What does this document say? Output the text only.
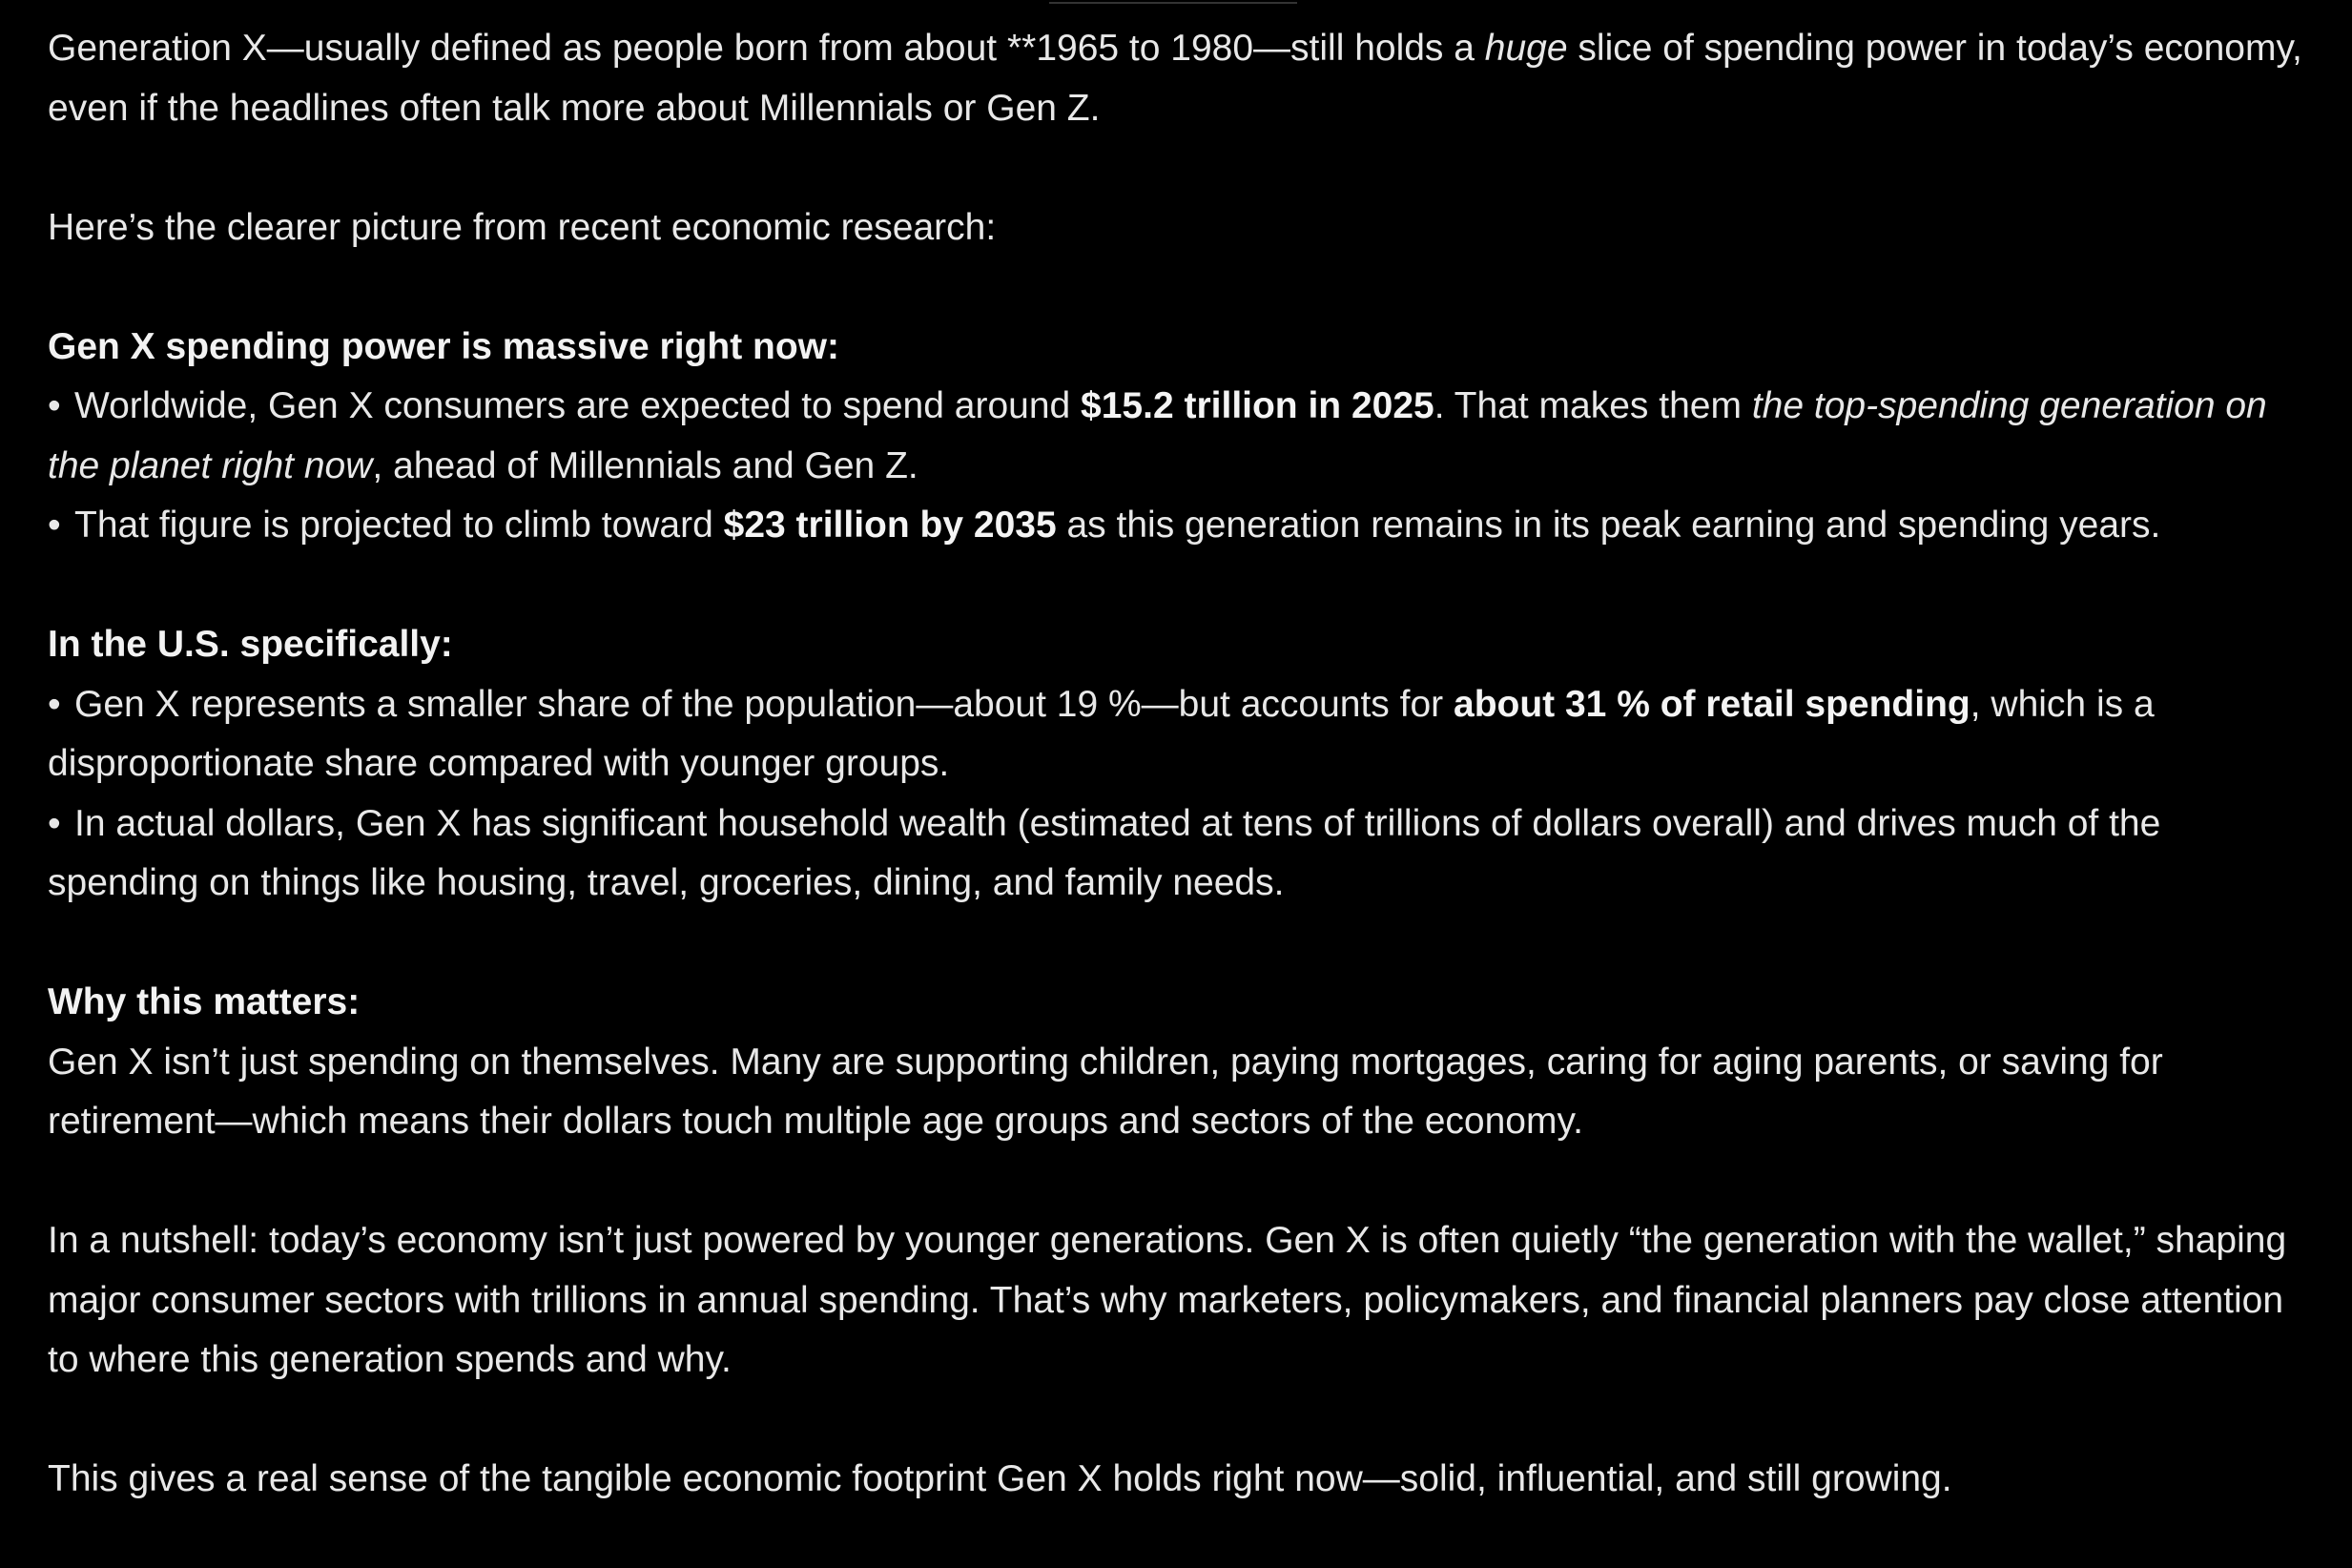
Generation X—usually defined as people born from about **1965 to 1980—still holds a huge slice of spending power in today’s economy, even if the headlines often talk more about Millennials or Gen Z.

Here’s the clearer picture from recent economic research:

Gen X spending power is massive right now:
• Worldwide, Gen X consumers are expected to spend around $15.2 trillion in 2025. That makes them the top-spending generation on the planet right now, ahead of Millennials and Gen Z.
• That figure is projected to climb toward $23 trillion by 2035 as this generation remains in its peak earning and spending years.
In the U.S. specifically:
• Gen X represents a smaller share of the population—about 19 %—but accounts for about 31 % of retail spending, which is a disproportionate share compared with younger groups.
• In actual dollars, Gen X has significant household wealth (estimated at tens of trillions of dollars overall) and drives much of the spending on things like housing, travel, groceries, dining, and family needs.
Why this matters:
Gen X isn’t just spending on themselves. Many are supporting children, paying mortgages, caring for aging parents, or saving for retirement—which means their dollars touch multiple age groups and sectors of the economy.

In a nutshell: today’s economy isn’t just powered by younger generations. Gen X is often quietly “the generation with the wallet,” shaping major consumer sectors with trillions in annual spending. That’s why marketers, policymakers, and financial planners pay close attention to where this generation spends and why.

This gives a real sense of the tangible economic footprint Gen X holds right now—solid, influential, and still growing.
